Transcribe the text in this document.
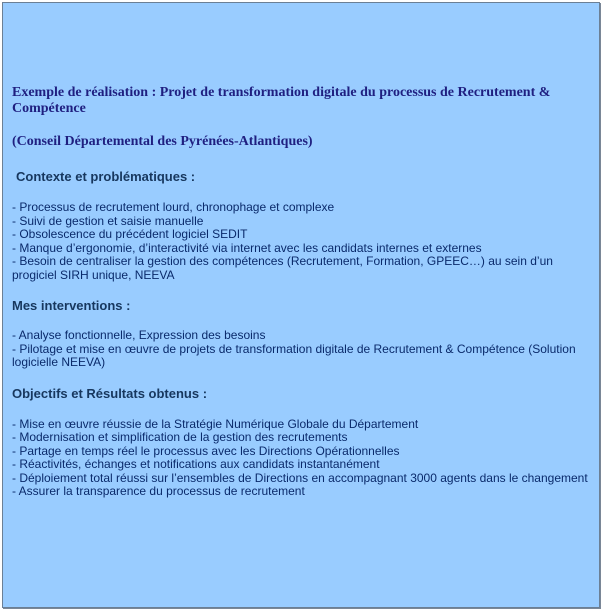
Exemple de réalisation : Projet de transformation digitale du processus de Recrutement & Compétence

(Conseil Départemental des Pyrénées-Atlantiques)

Contexte et problématiques :

- Processus de recrutement lourd, chronophage et complexe
- Suivi de gestion et saisie manuelle
- Obsolescence du précédent logiciel SEDIT
- Manque d’ergonomie, d’interactivité via internet avec les candidats internes et externes
- Besoin de centraliser la gestion des compétences (Recrutement, Formation, GPEEC…) au sein d’un progiciel SIRH unique, NEEVA

Mes interventions :

- Analyse fonctionnelle, Expression des besoins
- Pilotage et mise en œuvre de projets de transformation digitale de Recrutement & Compétence (Solution logicielle NEEVA)

Objectifs et Résultats obtenus :

- Mise en œuvre réussie de la Stratégie Numérique Globale du Département
- Modernisation et simplification de la gestion des recrutements
- Partage en temps réel le processus avec les Directions Opérationnelles
- Réactivités, échanges et notifications aux candidats instantanément
- Déploiement total réussi sur l’ensembles de Directions en accompagnant 3000 agents dans le changement
- Assurer la transparence du processus de recrutement
